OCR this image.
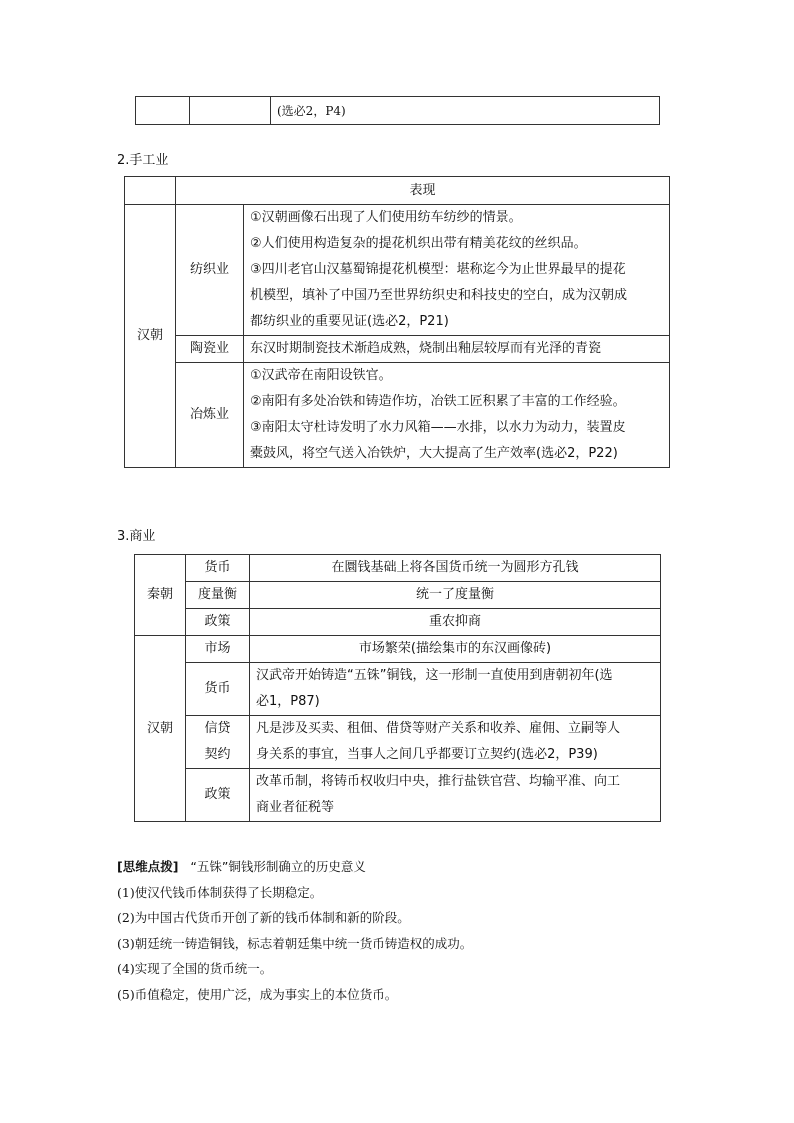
		(选必2，P4)
2.手工业
	表现	
汉朝	纺织业	①汉朝画像石出现了人们使用纺车纺纱的情景。
②人们使用构造复杂的提花机织出带有精美花纹的丝织品。
③四川老官山汉墓蜀锦提花机模型：堪称迄今为止世界最早的提花
机模型，填补了中国乃至世界纺织史和科技史的空白，成为汉朝成
都纺织业的重要见证(选必2，P21)

	陶瓷业	东汉时期制瓷技术渐趋成熟，烧制出釉层较厚而有光泽的青瓷

	冶炼业	①汉武帝在南阳设铁官。
②南阳有多处冶铁和铸造作坊，冶铁工匠积累了丰富的工作经验。
③南阳太守杜诗发明了水力风箱——水排，以水力为动力，装置皮
橐鼓风，将空气送入冶铁炉，大大提高了生产效率(选必2，P22)
3.商业
秦朝	货币	在圜钱基础上将各国货币统一为圆形方孔钱
	度量衡	统一了度量衡
	政策	重农抑商
汉朝	市场	市场繁荣(描绘集市的东汉画像砖)

	货币	汉武帝开始铸造“五铢”铜钱，这一形制一直使用到唐朝初年(选
必1，P87)

	信贷
契约	凡是涉及买卖、租佃、借贷等财产关系和收养、雇佣、立嗣等人
身关系的事宜，当事人之间几乎都要订立契约(选必2，P39)

	政策	改革币制，将铸币权收归中央，推行盐铁官营、均输平准、向工
商业者征税等
[思维点拨] “五铢”铜钱形制确立的历史意义
(1)使汉代钱币体制获得了长期稳定。
(2)为中国古代货币开创了新的钱币体制和新的阶段。
(3)朝廷统一铸造铜钱，标志着朝廷集中统一货币铸造权的成功。
(4)实现了全国的货币统一。
(5)币值稳定，使用广泛，成为事实上的本位货币。
